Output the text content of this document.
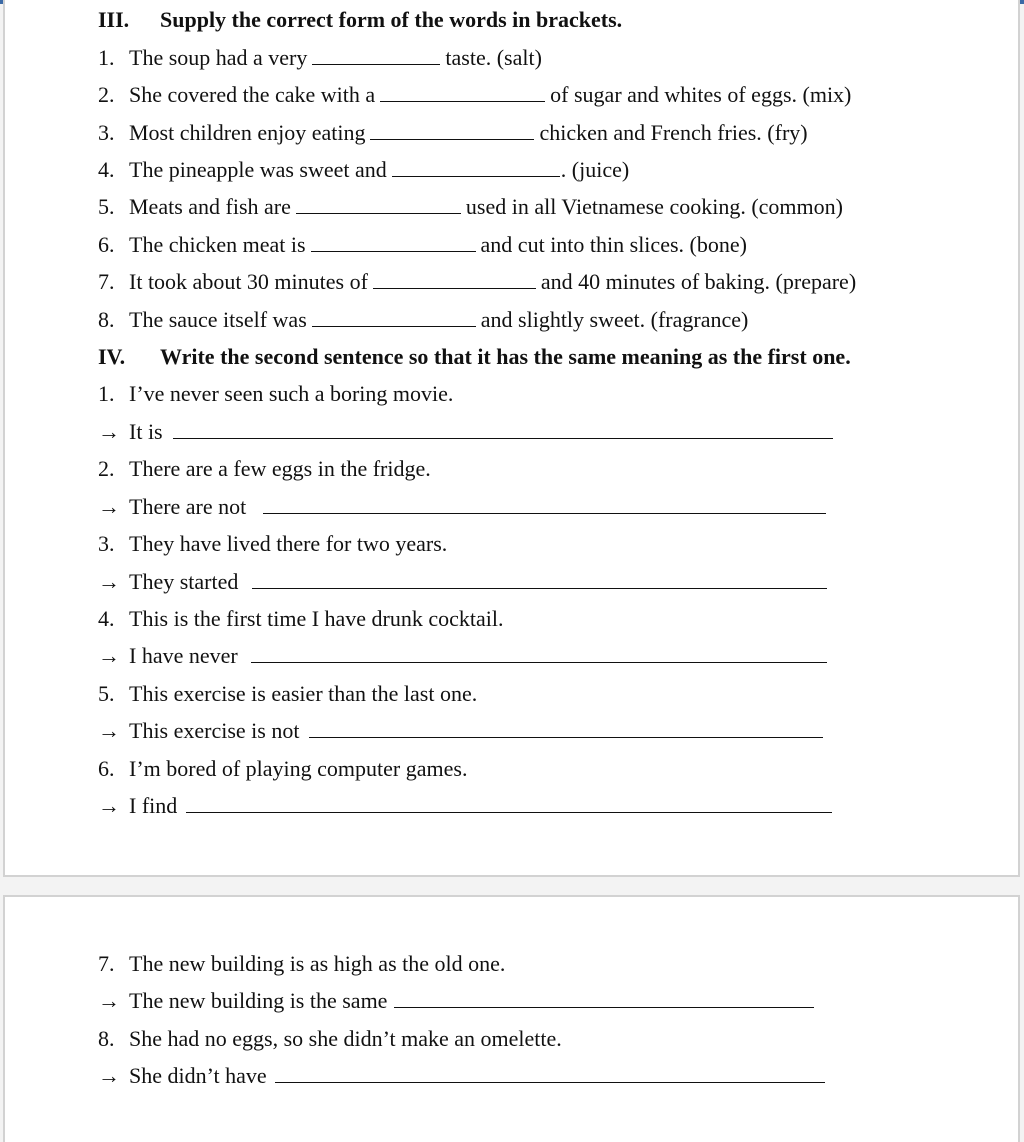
III. Supply the correct form of the words in brackets.
1. The soup had a very	taste. (salt)
2. She covered the cake with a	of sugar and whites of eggs. (mix)
3. Most children enjoy eating	chicken and French fries. (fry)
4. The pineapple was sweet and	. (juice)
5. Meats and fish are	used in all Vietnamese cooking. (common)
6. The chicken meat is	and cut into thin slices. (bone)
7. It took about 30 minutes of	and 40 minutes of baking. (prepare)
8. The sauce itself was	and slightly sweet. (fragrance)
IV. Write the second sentence so that it has the same meaning as the first one.
1. I’ve never seen such a boring movie.
→ It is
2. There are a few eggs in the fridge.
→ There are not
3. They have lived there for two years.
→ They started
4. This is the first time I have drunk cocktail.
→ I have never
5. This exercise is easier than the last one.
→ This exercise is not
6. I’m bored of playing computer games.
→ I find
7. The new building is as high as the old one.
→ The new building is the same
8. She had no eggs, so she didn’t make an omelette.
→ She didn’t have
